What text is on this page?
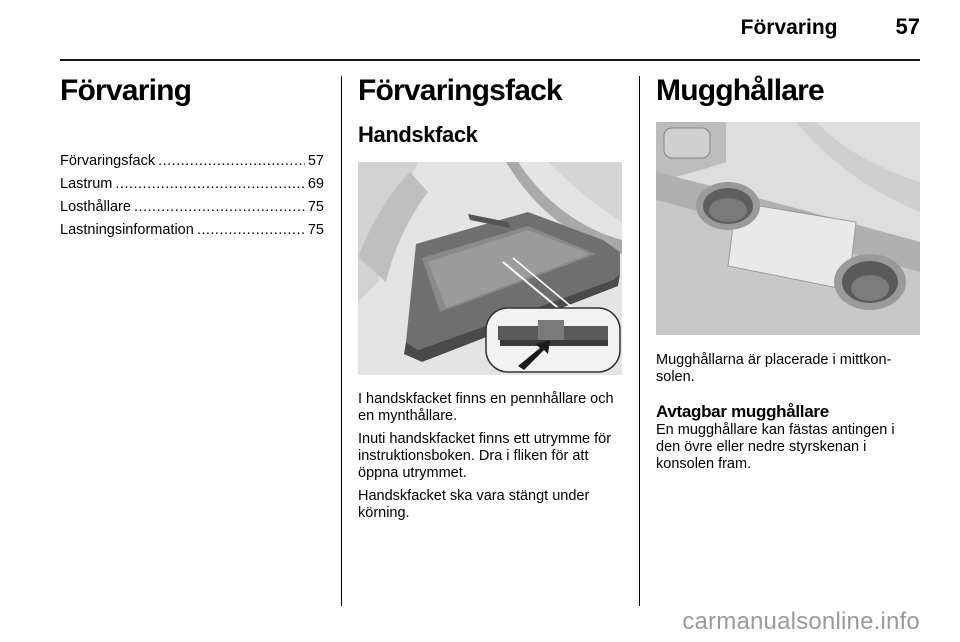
Förvaring	57
Förvaring
Förvaringsfack .....	57
Lastrum .....	69
Losthållare .....	75
Lastningsinformation .....	75
Förvaringsfack
Handskfack

I handskfacket finns en pennhållare och en mynthållare.

Inuti handskfacket finns ett utrymme för instruktionsboken. Dra i fliken för att öppna utrymmet.

Handskfacket ska vara stängt under körning.

Mugghållare

Mugghållarna är placerade i mittkon-solen.

Avtagbar mugghållare

En mugghållare kan fästas antingen i den övre eller nedre styrskenan i konsolen fram.

carmanualsonline.info
